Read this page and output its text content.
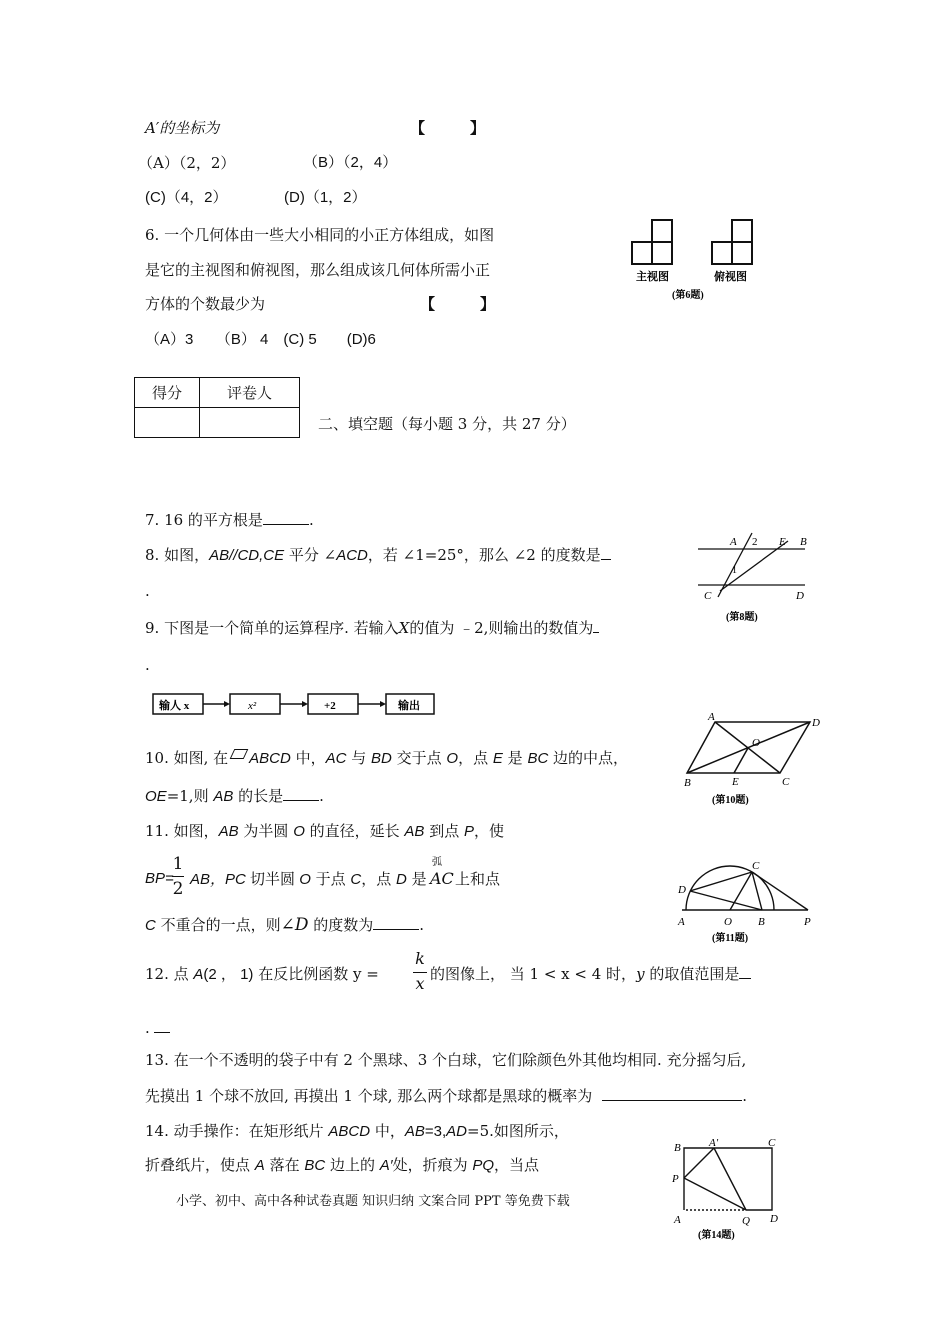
A′的坐标为	【　　　】
（A）（2，2）	（B）（2，4）
(C)（4，2）	(D)（1，2）
6. 一个几何体由一些大小相同的小正方体组成，如图
是它的主视图和俯视图，那么组成该几何体所需小正
方体的个数最少为	【　　　】
（A）3　　（B） 4　(C) 5　　(D)6
主视图	俯视图
(第6题)
得分	评卷人

二、填空题（每小题 3 分，共 27 分）
7. 16 的平方根是	.
8. 如图，AB//CD,CE 平分 ∠ACD，若 ∠1=25°，那么 ∠2 的度数是
.
A 2 E B
1
C	D
(第8题)
9. 下图是一个简单的运算程序. 若输入X的值为 ﹣2,则输出的数值为
.
输人 x	x²	+2	输出
10. 如图, 在 ABCD 中，AC 与 BD 交于点 O，点 E 是 BC 边的中点，
OE=1,则 AB 的长是 .
A	D
O
B	E	C
(第10题)
11. 如图，AB 为半圆 O 的直径，延长 AB 到点 P，使
BP=
1
2 AB，PC 切半圆 O 于点 C，点 D 是
弧
AC 上和点
C 不重合的一点，则∠D 的度数为	.
C
D
A	O B	P
(第11题)
12. 点 A(2 ， 1) 在反比例函数 y =
k
x 的图像上， 当 1 < x < 4 时，y 的取值范围是
.
13. 在一个不透明的袋子中有 2 个黑球、3 个白球，它们除颜色外其他均相同. 充分摇匀后,
先摸出 1 个球不放回, 再摸出 1 个球, 那么两个球都是黑球的概率为	.
14. 动手操作：在矩形纸片 ABCD 中，AB=3,AD=5.如图所示，
折叠纸片，使点 A 落在 BC 边上的 A′处，折痕为 PQ，当点
B	A′	C
P
A	Q D
(第14题)
小学、初中、高中各种试卷真题 知识归纳 文案合同 PPT 等免费下载
